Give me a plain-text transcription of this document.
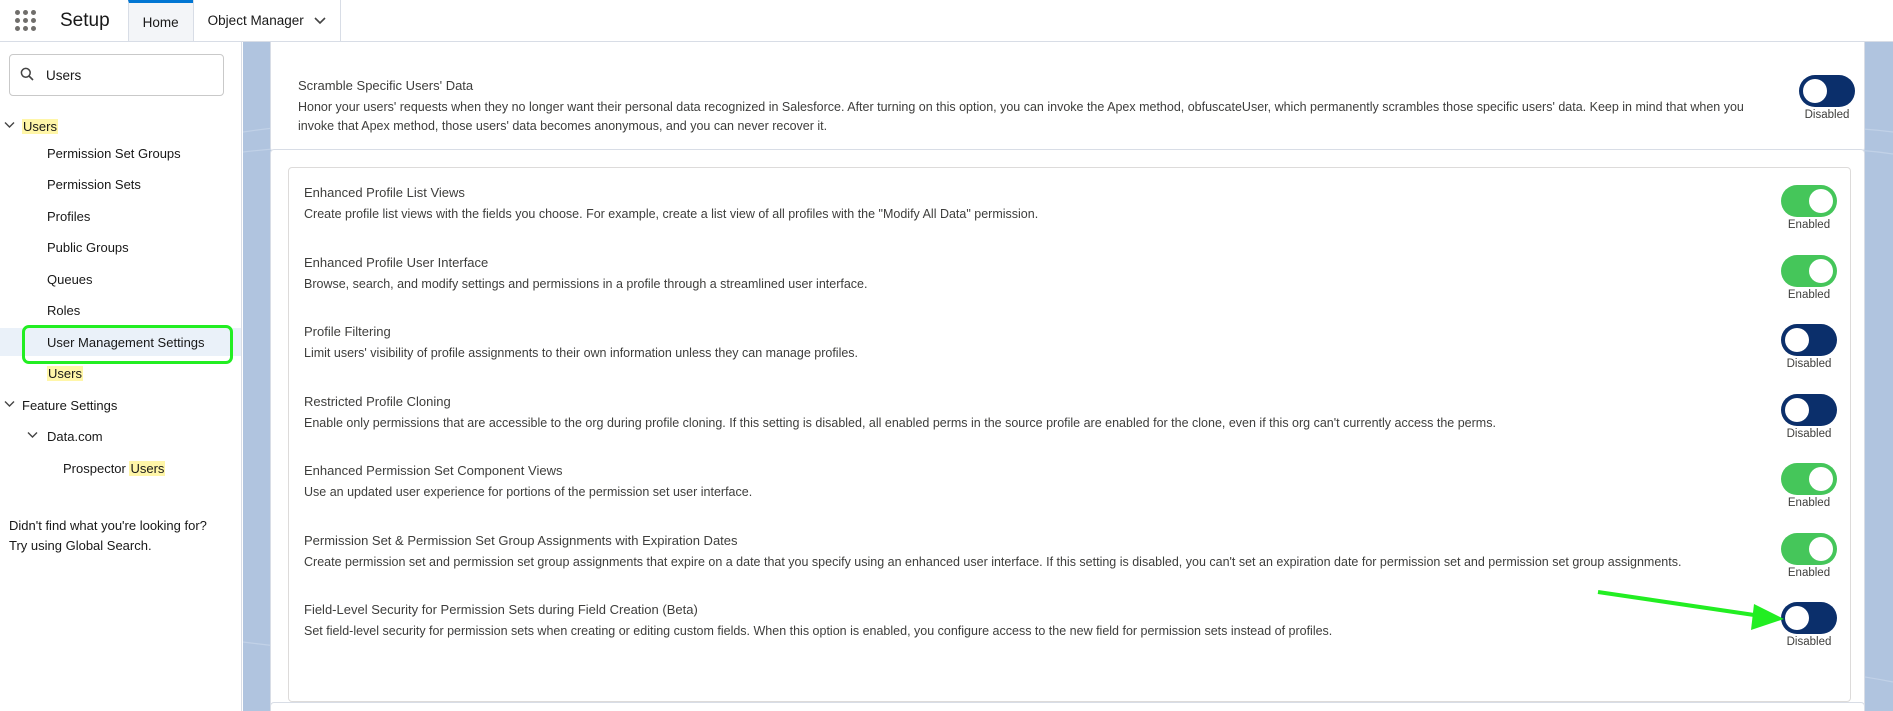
Setup	Home Object Manager
Users
Users
Permission Set Groups
Permission Sets
Profiles
Public Groups
Queues
Roles
User Management Settings
Users
Feature Settings
Data.com
Prospector Users
Didn't find what you're looking for?
Try using Global Search.
Scramble Specific Users' Data
Honor your users' requests when they no longer want their personal data recognized in Salesforce. After turning on this option, you can invoke the Apex method, obfuscateUser, which permanently scrambles those specific users' data. Keep in mind that when you invoke that Apex method, those users' data becomes anonymous, and you can never recover it.
Disabled
Enhanced Profile List Views
Create profile list views with the fields you choose. For example, create a list view of all profiles with the "Modify All Data" permission.
Enabled
Enhanced Profile User Interface
Browse, search, and modify settings and permissions in a profile through a streamlined user interface.
Enabled
Profile Filtering
Limit users' visibility of profile assignments to their own information unless they can manage profiles.
Disabled
Restricted Profile Cloning
Enable only permissions that are accessible to the org during profile cloning. If this setting is disabled, all enabled perms in the source profile are enabled for the clone, even if this org can't currently access the perms.
Disabled
Enhanced Permission Set Component Views
Use an updated user experience for portions of the permission set user interface.
Enabled
Permission Set & Permission Set Group Assignments with Expiration Dates
Create permission set and permission set group assignments that expire on a date that you specify using an enhanced user interface. If this setting is disabled, you can't set an expiration date for permission set and permission set group assignments.
Enabled
Field-Level Security for Permission Sets during Field Creation (Beta)
Set field-level security for permission sets when creating or editing custom fields. When this option is enabled, you configure access to the new field for permission sets instead of profiles.
Disabled
